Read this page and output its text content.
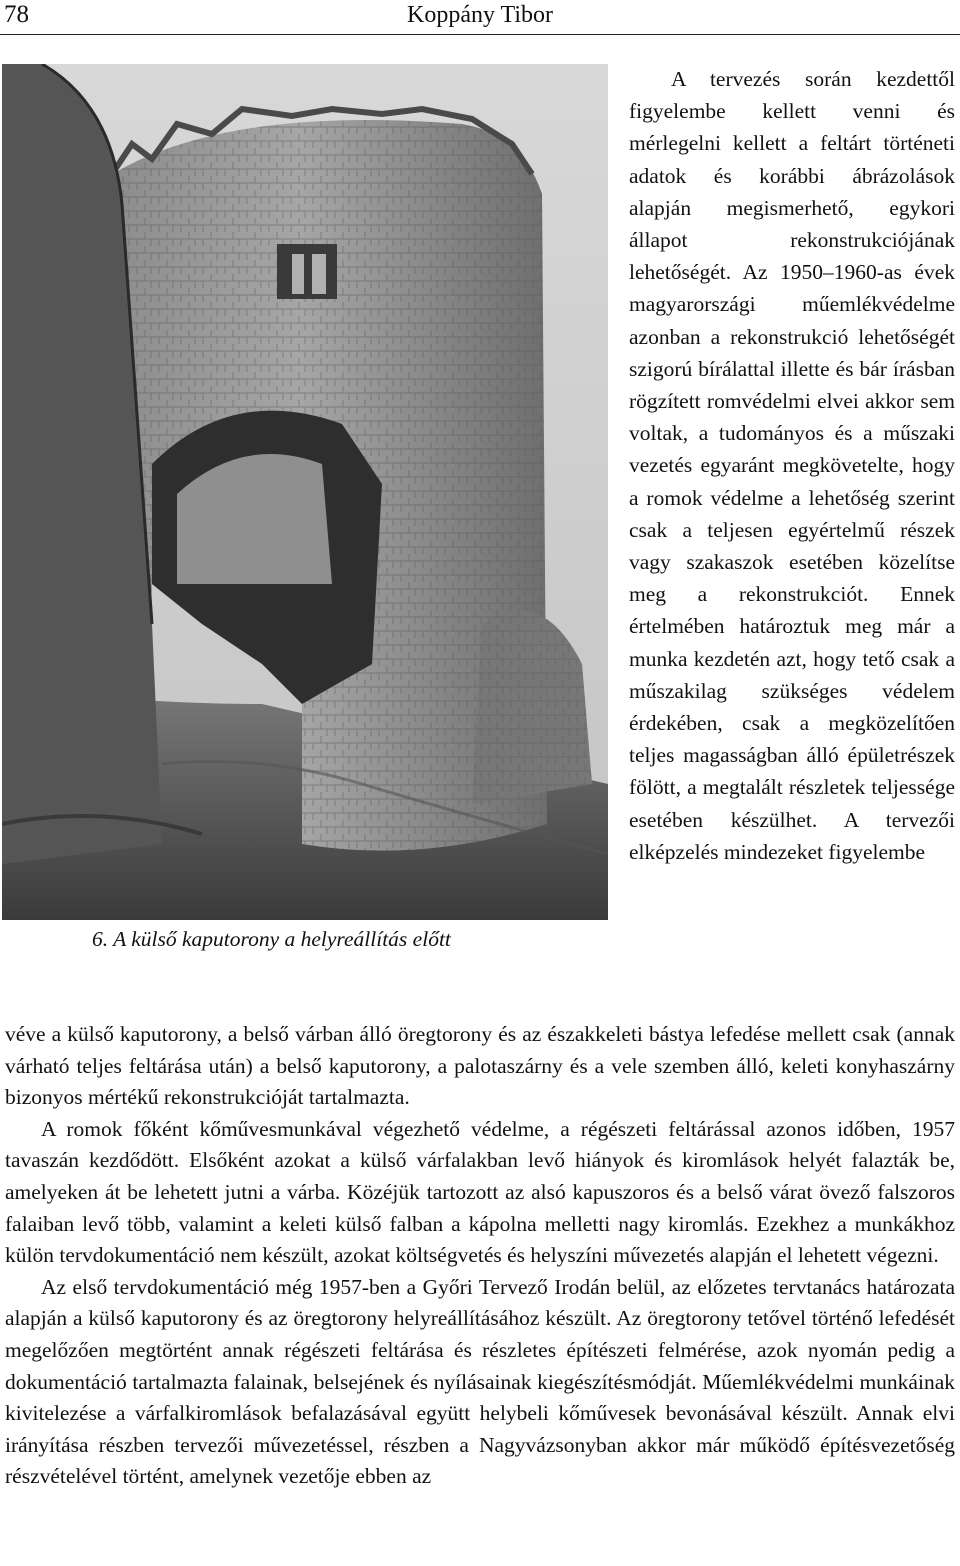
78	Koppány Tibor
6. A külső kaputorony a helyreállítás előtt

A tervezés során kezdettől figyelembe kellett venni és mérlegelni kellett a feltárt történeti adatok és korábbi ábrázolások alapján megismerhető, egykori állapot rekonstrukciójának lehetőségét. Az 1950–1960-as évek magyarországi műemlékvédelme azonban a rekonstrukció lehetőségét szigorú bírálattal illette és bár írásban rögzített romvédelmi elvei akkor sem voltak, a tudományos és a műszaki vezetés egyaránt megkövetelte, hogy a romok védelme a lehetőség szerint csak a teljesen egyértelmű részek vagy szakaszok esetében közelítse meg a rekonstrukciót. Ennek értelmében határoztuk meg már a munka kezdetén azt, hogy tető csak a műszakilag szükséges védelem érdekében, csak a megközelítően teljes magasságban álló épületrészek fölött, a megtalált részletek teljessége esetében készülhet. A tervezői elképzelés mindezeket figyelembe

véve a külső kaputorony, a belső várban álló öregtorony és az északkeleti bástya lefedése mellett csak (annak várható teljes feltárása után) a belső kaputorony, a palotaszárny és a vele szemben álló, keleti konyhaszárny bizonyos mértékű rekonstrukcióját tartalmazta.

A romok főként kőművesmunkával végezhető védelme, a régészeti feltárással azonos időben, 1957 tavaszán kezdődött. Elsőként azokat a külső várfalakban levő hiányok és kiromlások helyét falazták be, amelyeken át be lehetett jutni a várba. Közéjük tartozott az alsó kapuszoros és a belső várat övező falszoros falaiban levő több, valamint a keleti külső falban a kápolna melletti nagy kiromlás. Ezekhez a munkákhoz külön tervdokumentáció nem készült, azokat költségvetés és helyszíni művezetés alapján el lehetett végezni.

Az első tervdokumentáció még 1957-ben a Győri Tervező Irodán belül, az előzetes tervtanács határozata alapján a külső kaputorony és az öregtorony helyreállításához készült. Az öregtorony tetővel történő lefedését megelőzően megtörtént annak régészeti feltárása és részletes építészeti felmérése, azok nyomán pedig a dokumentáció tartalmazta falainak, belsejének és nyílásainak kiegészítésmódját. Műemlékvédelmi munkáinak kivitelezése a várfalkiromlások befalazásával együtt helybeli kőművesek bevonásával készült. Annak elvi irányítása részben tervezői művezetéssel, részben a Nagyvázsonyban akkor már működő építésvezetőség részvételével történt, amelynek vezetője ebben az
